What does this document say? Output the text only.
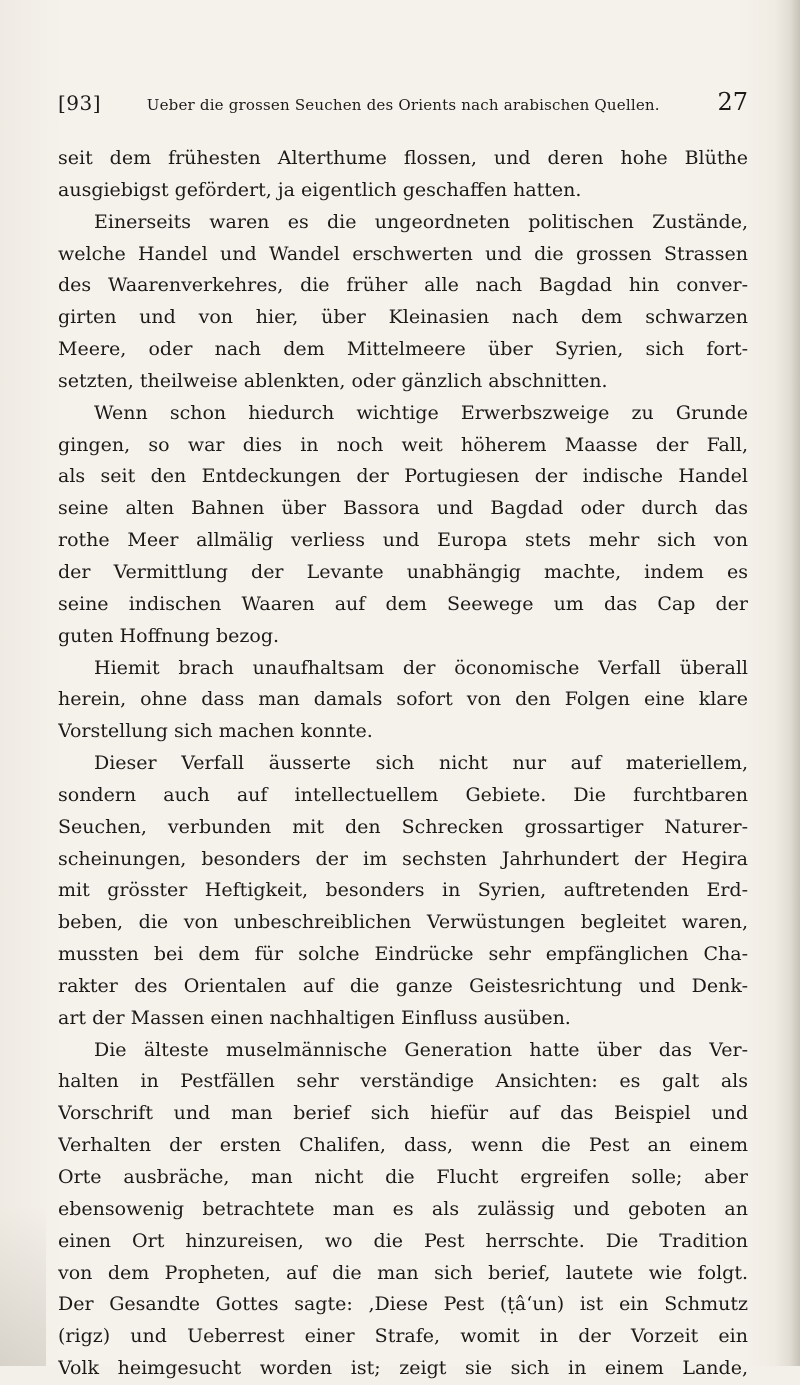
[93]	Ueber die grossen Seuchen des Orients nach arabischen Quellen.	27
seit dem frühesten Alterthume flossen, und deren hohe Blüthe
ausgiebigst gefördert, ja eigentlich geschaffen hatten.
Einerseits waren es die ungeordneten politischen Zustände,
welche Handel und Wandel erschwerten und die grossen Strassen
des Waarenverkehres, die früher alle nach Bagdad hin conver-
girten und von hier, über Kleinasien nach dem schwarzen
Meere, oder nach dem Mittelmeere über Syrien, sich fort-
setzten, theilweise ablenkten, oder gänzlich abschnitten.
Wenn schon hiedurch wichtige Erwerbszweige zu Grunde
gingen, so war dies in noch weit höherem Maasse der Fall,
als seit den Entdeckungen der Portugiesen der indische Handel
seine alten Bahnen über Bassora und Bagdad oder durch das
rothe Meer allmälig verliess und Europa stets mehr sich von
der Vermittlung der Levante unabhängig machte, indem es
seine indischen Waaren auf dem Seewege um das Cap der
guten Hoffnung bezog.
Hiemit brach unaufhaltsam der öconomische Verfall überall
herein, ohne dass man damals sofort von den Folgen eine klare
Vorstellung sich machen konnte.
Dieser Verfall äusserte sich nicht nur auf materiellem,
sondern auch auf intellectuellem Gebiete. Die furchtbaren
Seuchen, verbunden mit den Schrecken grossartiger Naturer-
scheinungen, besonders der im sechsten Jahrhundert der Hegira
mit grösster Heftigkeit, besonders in Syrien, auftretenden Erd-
beben, die von unbeschreiblichen Verwüstungen begleitet waren,
mussten bei dem für solche Eindrücke sehr empfänglichen Cha-
rakter des Orientalen auf die ganze Geistesrichtung und Denk-
art der Massen einen nachhaltigen Einfluss ausüben.
Die älteste muselmännische Generation hatte über das Ver-
halten in Pestfällen sehr verständige Ansichten: es galt als
Vorschrift und man berief sich hiefür auf das Beispiel und
Verhalten der ersten Chalifen, dass, wenn die Pest an einem
Orte ausbräche, man nicht die Flucht ergreifen solle; aber
ebensowenig betrachtete man es als zulässig und geboten an
einen Ort hinzureisen, wo die Pest herrschte. Die Tradition
von dem Propheten, auf die man sich berief, lautete wie folgt.
Der Gesandte Gottes sagte: ‚Diese Pest (ṭâ‘un) ist ein Schmutz
(rigz) und Ueberrest einer Strafe, womit in der Vorzeit ein
Volk heimgesucht worden ist; zeigt sie sich in einem Lande,
